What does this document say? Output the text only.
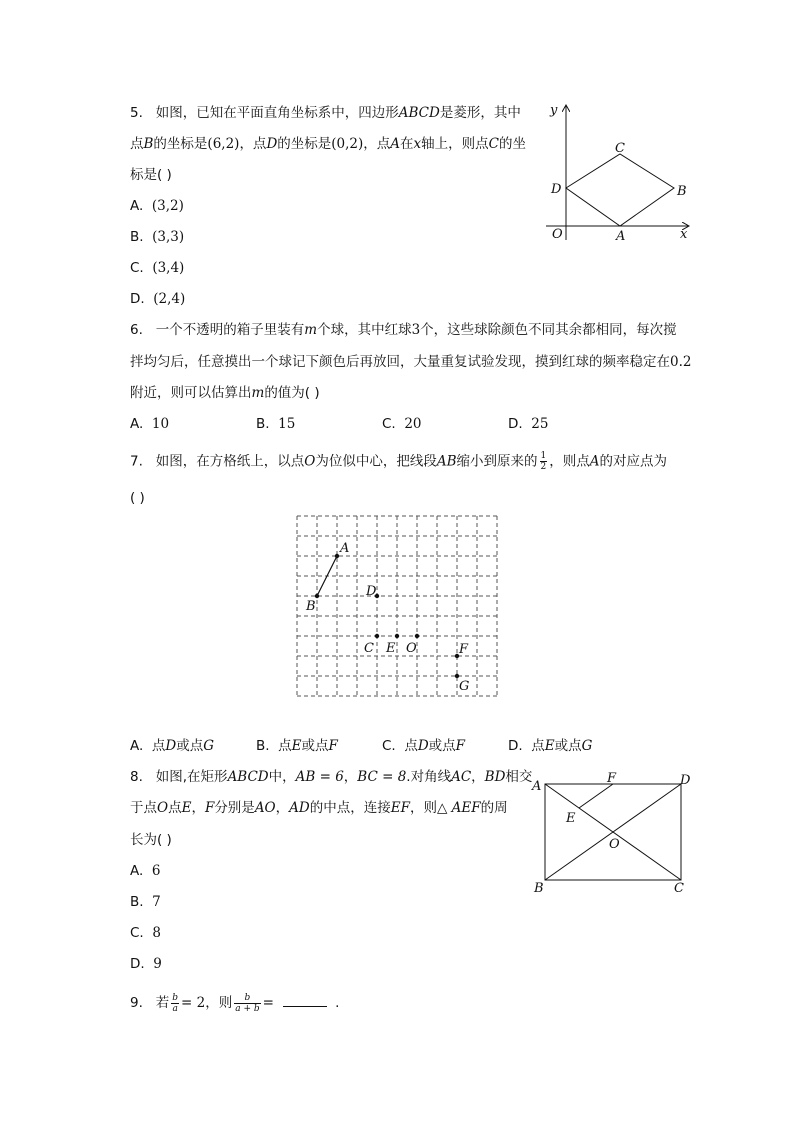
5. 如图，已知在平面直角坐标系中，四边形ABCD是菱形，其中
点B的坐标是(6,2)，点D的坐标是(0,2)，点A在x轴上，则点C的坐
标是( )
A. (3,2)
B. (3,3)
C. (3,4)
D. (2,4)
y
x
O	A
B
C
D
6. 一个不透明的箱子里装有m个球，其中红球3个，这些球除颜色不同其余都相同，每次搅
拌均匀后，任意摸出一个球记下颜色后再放回，大量重复试验发现，摸到红球的频率稳定在0.2
附近，则可以估算出m的值为( )
A. 10	B. 15	C. 20	D. 25
7. 如图，在方格纸上，以点O为位似中心，把线段AB缩小到原来的 $\frac{1}{2}$ ，则点A的对应点为
( )
A
B
D
C E O	F
G
A. 点D或点G	B. 点E或点F	C. 点D或点F	D. 点E或点G
8. 如图,在矩形ABCD中，AB = 6，BC = 8.对角线AC，BD相交
于点O点E，F分别是AO，AD的中点，连接EF，则△ AEF的周
长为( )
A. 6
B. 7
C. 8
D. 9
A	D
B	C
F
E
O
9. 若 $\frac{b}{a} = 2$，则 $\frac{b}{a + b}$ =	.
